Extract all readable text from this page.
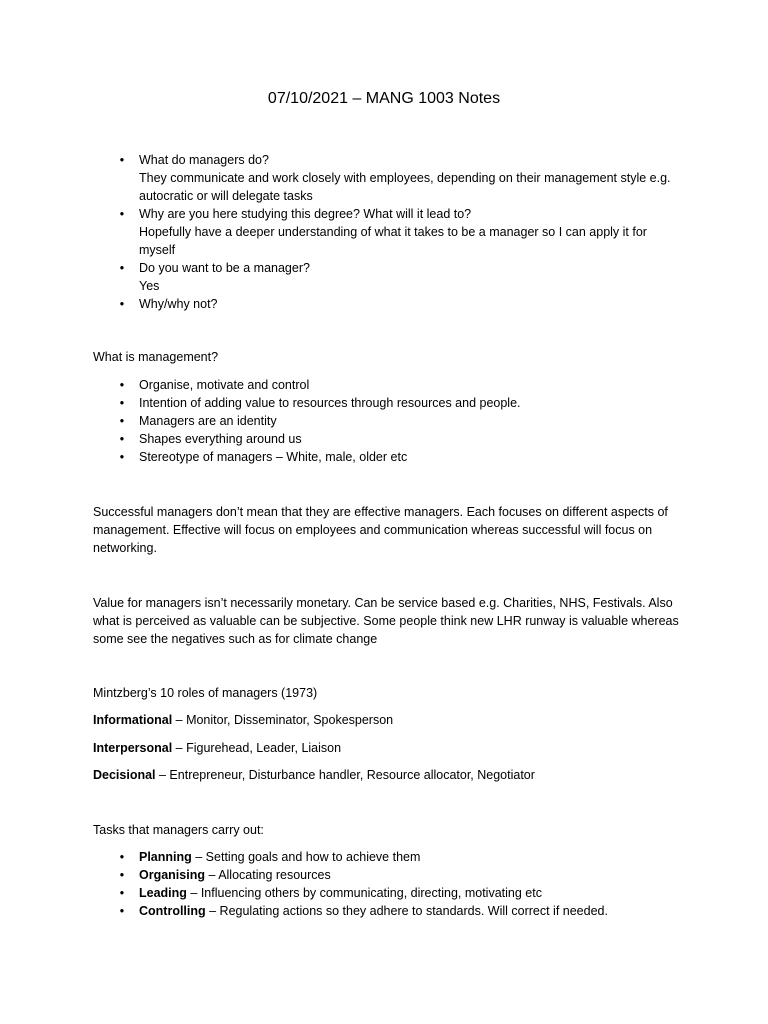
07/10/2021 – MANG 1003 Notes
• What do managers do?
They communicate and work closely with employees, depending on their management style e.g. autocratic or will delegate tasks
• Why are you here studying this degree? What will it lead to?
Hopefully have a deeper understanding of what it takes to be a manager so I can apply it for myself
• Do you want to be a manager?
Yes
• Why/why not?

What is management?

• Organise, motivate and control
• Intention of adding value to resources through resources and people.
• Managers are an identity
• Shapes everything around us
• Stereotype of managers – White, male, older etc

Successful managers don’t mean that they are effective managers. Each focuses on different aspects of management. Effective will focus on employees and communication whereas successful will focus on networking.

Value for managers isn’t necessarily monetary. Can be service based e.g. Charities, NHS, Festivals. Also what is perceived as valuable can be subjective. Some people think new LHR runway is valuable whereas some see the negatives such as for climate change

Mintzberg’s 10 roles of managers (1973)

Informational – Monitor, Disseminator, Spokesperson

Interpersonal – Figurehead, Leader, Liaison

Decisional – Entrepreneur, Disturbance handler, Resource allocator, Negotiator

Tasks that managers carry out:

• Planning – Setting goals and how to achieve them
• Organising – Allocating resources
• Leading – Influencing others by communicating, directing, motivating etc
• Controlling – Regulating actions so they adhere to standards. Will correct if needed.
